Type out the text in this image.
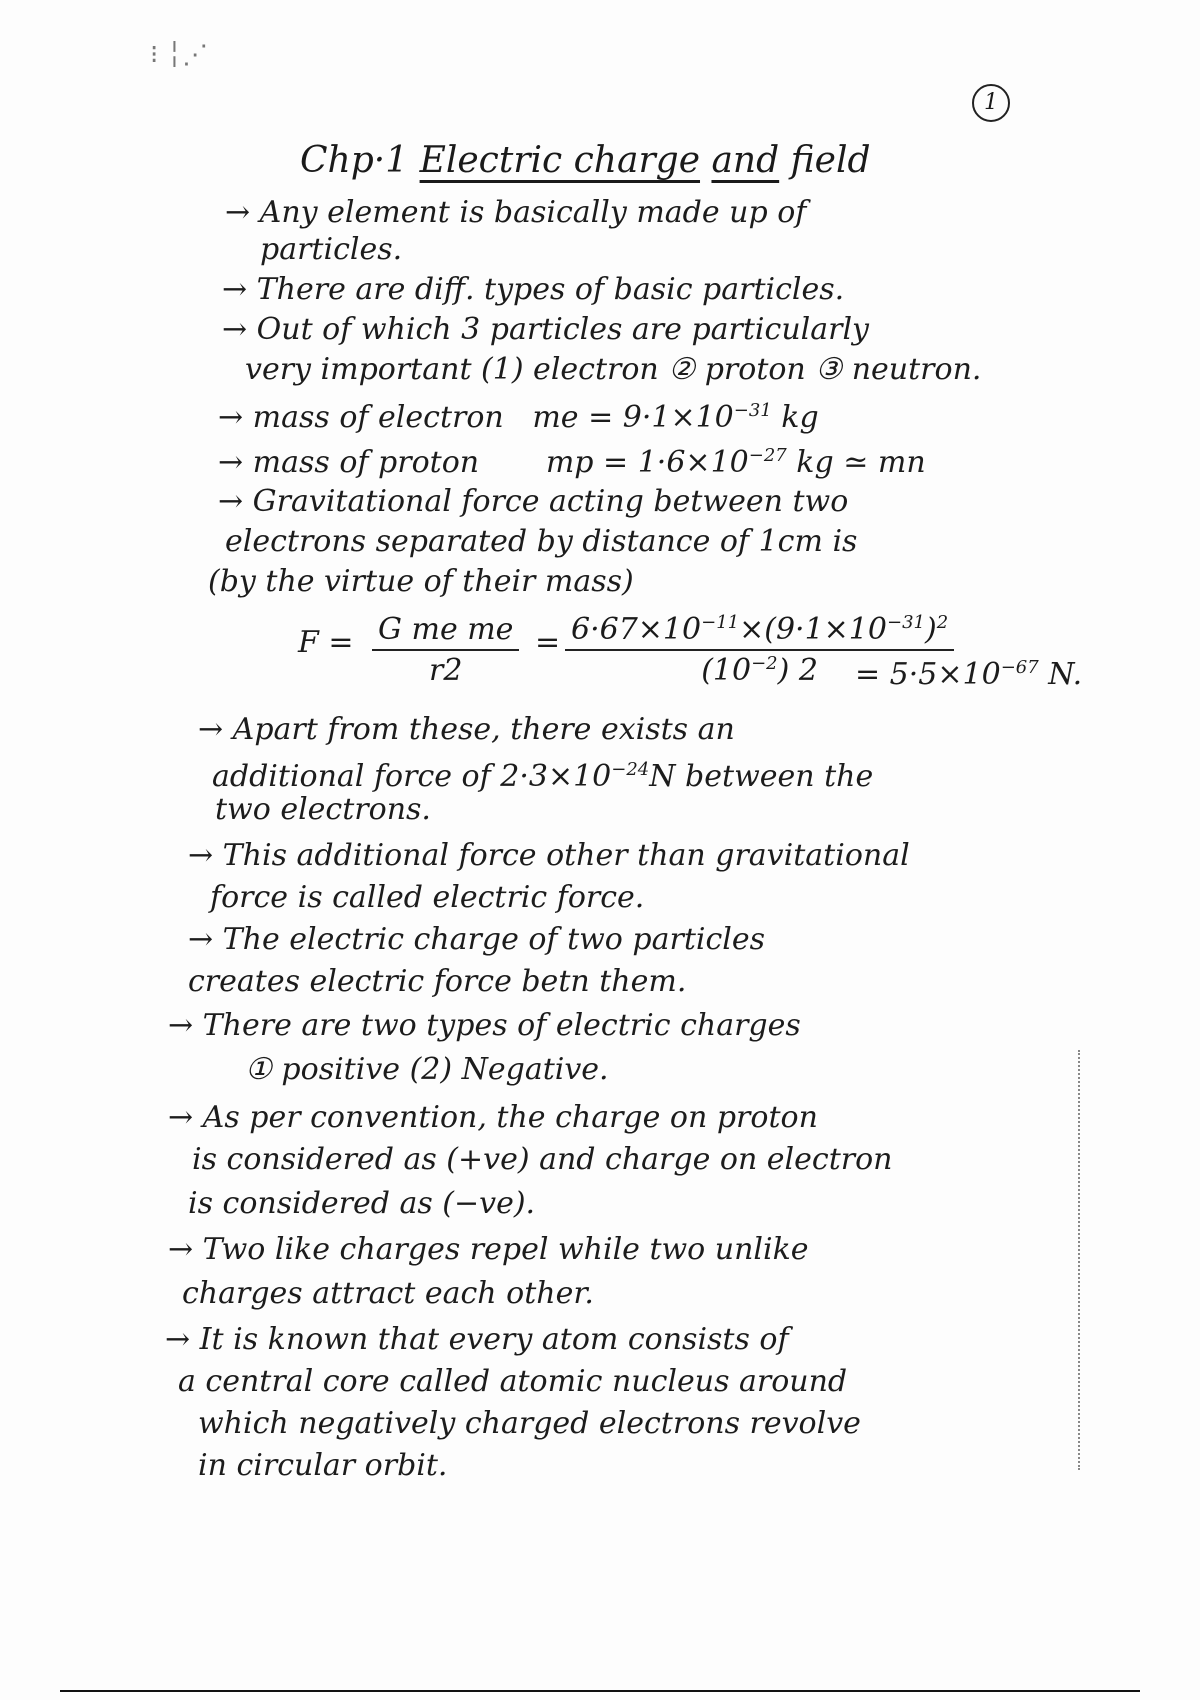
⁝ ╎⋰
1
Chp·1 Electric charge and field
→ Any element is basically made up of
particles.
→ There are diff. types of basic particles.
→ Out of which 3 particles are particularly
very important (1) electron ② proton ③ neutron.
→ mass of electron me = $9\cdot 1\times 10^{-31}$ kg
→ mass of proton mp = $1\cdot 6\times 10^{-27}$ kg ≃ mn
→ Gravitational force acting between two
electrons separated by distance of 1cm is
(by the virtue of their mass)
$F = \frac{\text{G me me}}{r2} = \frac{6\cdot 67\times 10^{-11}\times(9\cdot 1\times 10^{-31})^2}{(10^{-2}) 2}$
= $5\cdot 5\times 10^{-67}$ N.
→ Apart from these, there exists an
additional force of $2\cdot 3\times 10^{-24}N$ between the
two electrons.
→ This additional force other than gravitational
force is called electric force.
→ The electric charge of two particles
creates electric force betn them.
→ There are two types of electric charges
① positive (2) Negative.
→ As per convention, the charge on proton
is considered as (+ve) and charge on electron
is considered as (−ve).
→ Two like charges repel while two unlike
charges attract each other.
→ It is known that every atom consists of
a central core called atomic nucleus around
which negatively charged electrons revolve
in circular orbit.
